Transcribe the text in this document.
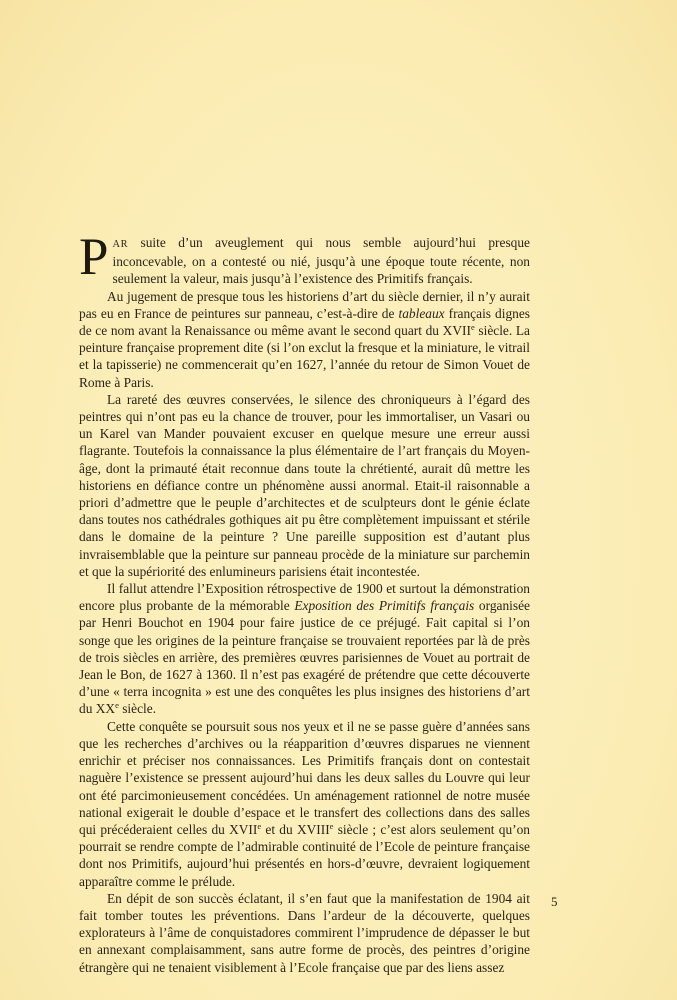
PAR suite d’un aveuglement qui nous semble aujourd’hui presque inconcevable, on a contesté ou nié, jusqu’à une époque toute récente, non seulement la valeur, mais jusqu’à l’existence des Primitifs français.

Au jugement de presque tous les historiens d’art du siècle dernier, il n’y aurait pas eu en France de peintures sur panneau, c’est-à-dire de tableaux français dignes de ce nom avant la Renaissance ou même avant le second quart du XVIIe siècle. La peinture française proprement dite (si l’on exclut la fresque et la miniature, le vitrail et la tapisserie) ne commencerait qu’en 1627, l’année du retour de Simon Vouet de Rome à Paris.

La rareté des œuvres conservées, le silence des chroniqueurs à l’égard des peintres qui n’ont pas eu la chance de trouver, pour les immortaliser, un Vasari ou un Karel van Mander pouvaient excuser en quelque mesure une erreur aussi flagrante. Toutefois la connaissance la plus élémentaire de l’art français du Moyen-âge, dont la primauté était reconnue dans toute la chrétienté, aurait dû mettre les historiens en défiance contre un phénomène aussi anormal. Etait-il raisonnable a priori d’admettre que le peuple d’architectes et de sculpteurs dont le génie éclate dans toutes nos cathédrales gothiques ait pu être complètement impuissant et stérile dans le domaine de la peinture ? Une pareille supposition est d’autant plus invraisemblable que la peinture sur panneau procède de la miniature sur parchemin et que la supériorité des enlumineurs parisiens était incontestée.

Il fallut attendre l’Exposition rétrospective de 1900 et surtout la démonstration encore plus probante de la mémorable Exposition des Primitifs français organisée par Henri Bouchot en 1904 pour faire justice de ce préjugé. Fait capital si l’on songe que les origines de la peinture française se trouvaient reportées par là de près de trois siècles en arrière, des premières œuvres parisiennes de Vouet au portrait de Jean le Bon, de 1627 à 1360. Il n’est pas exagéré de prétendre que cette découverte d’une « terra incognita » est une des conquêtes les plus insignes des historiens d’art du XXe siècle.

Cette conquête se poursuit sous nos yeux et il ne se passe guère d’années sans que les recherches d’archives ou la réapparition d’œuvres disparues ne viennent enrichir et préciser nos connaissances. Les Primitifs français dont on contestait naguère l’existence se pressent aujourd’hui dans les deux salles du Louvre qui leur ont été parcimonieusement concédées. Un aménagement rationnel de notre musée national exigerait le double d’espace et le transfert des collections dans des salles qui précéderaient celles du XVIIe et du XVIIIe siècle ; c’est alors seulement qu’on pourrait se rendre compte de l’admirable continuité de l’Ecole de peinture française dont nos Primitifs, aujourd’hui présentés en hors-d’œuvre, devraient logiquement apparaître comme le prélude.

En dépit de son succès éclatant, il s’en faut que la manifestation de 1904 ait fait tomber toutes les préventions. Dans l’ardeur de la découverte, quelques explorateurs à l’âme de conquistadores commirent l’imprudence de dépasser le but en annexant complaisamment, sans autre forme de procès, des peintres d’origine étrangère qui ne tenaient visiblement à l’Ecole française que par des liens assez

5
